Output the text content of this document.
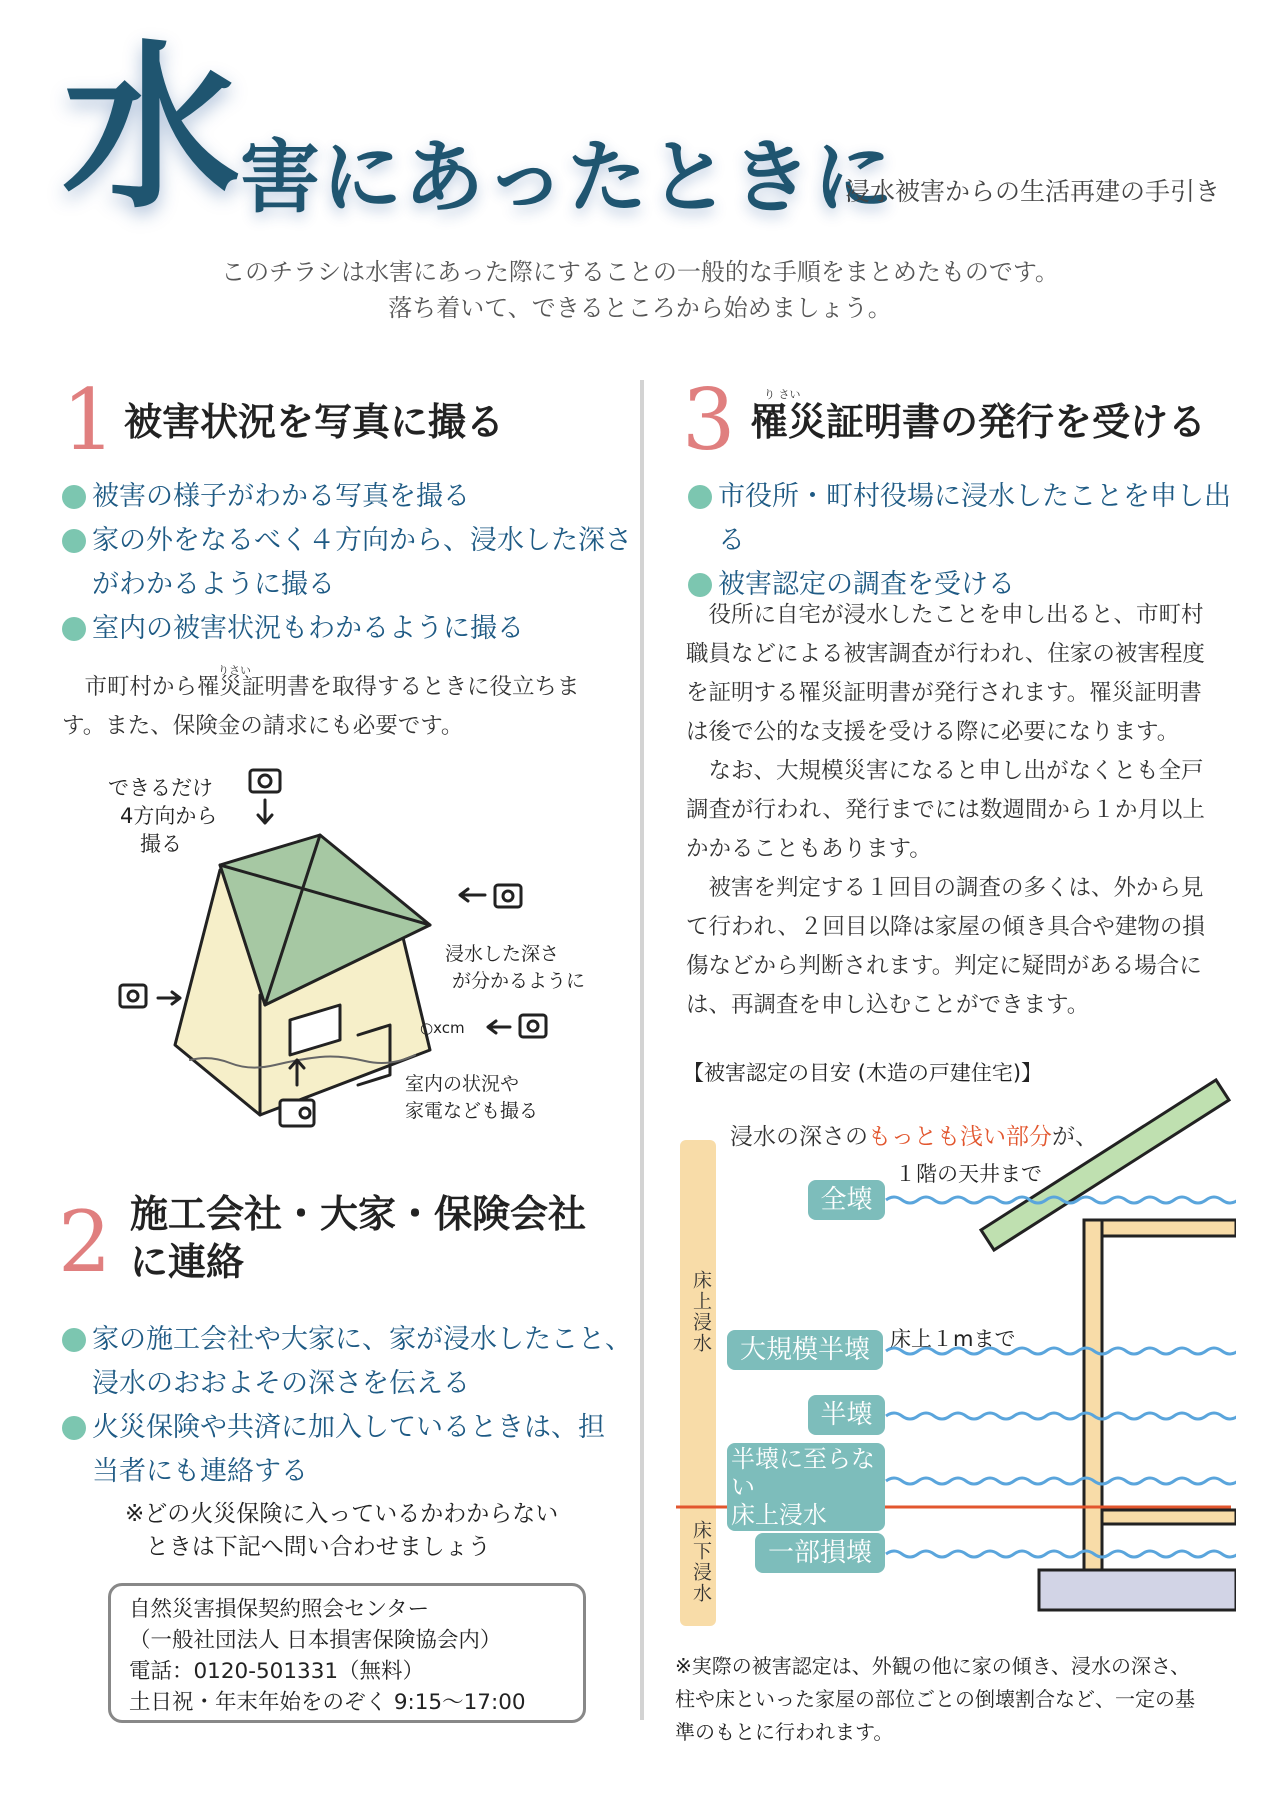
水 害にあったときに
浸水被害からの生活再建の手引き
このチラシは水害にあった際にすることの一般的な手順をまとめたものです。
落ち着いて、できるところから始めましょう。
1 被害状況を写真に撮る
被害の様子がわかる写真を撮る
家の外をなるべく４方向から、浸水した深さ
がわかるように撮る
室内の被害状況もわかるように撮る
りさい

市町村から罹災証明書を取得するときに役立ちま

す。また、保険金の請求にも必要です。

できるだけ
4方向から
撮る
浸水した深さ
が分かるように
○xcm
室内の状況や
家電なども撮る
2 施工会社・大家・保険会社
に連絡
家の施工会社や大家に、家が浸水したこと、
浸水のおおよその深さを伝える
火災保険や共済に加入しているときは、担
当者にも連絡する
※どの火災保険に入っているかわからない
ときは下記へ問い合わせましょう
自然災害損保契約照会センター
（一般社団法人 日本損害保険協会内）
電話：0120-501331（無料）
土日祝・年末年始をのぞく 9:15〜17:00
3	り さい
罹災証明書の発行を受ける
市役所・町村役場に浸水したことを申し出る
被害認定の調査を受ける

役所に自宅が浸水したことを申し出ると、市町村

職員などによる被害調査が行われ、住家の被害程度

を証明する罹災証明書が発行されます。罹災証明書

は後で公的な支援を受ける際に必要になります。

なお、大規模災害になると申し出がなくとも全戸

調査が行われ、発行までには数週間から１か月以上

かかることもあります。

被害を判定する１回目の調査の多くは、外から見

て行われ、２回目以降は家屋の傾き具合や建物の損

傷などから判断されます。判定に疑問がある場合に

は、再調査を申し込むことができます。

【被害認定の目安 (木造の戸建住宅)】
浸水の深さのもっとも浅い部分が、
床上浸水
床下浸水
１階の天井まで
床上１mまで
全壊
大規模半壊
半壊
半壊に至らない
床上浸水
一部損壊
※実際の被害認定は、外観の他に家の傾き、浸水の深さ、
柱や床といった家屋の部位ごとの倒壊割合など、一定の基
準のもとに行われます。
